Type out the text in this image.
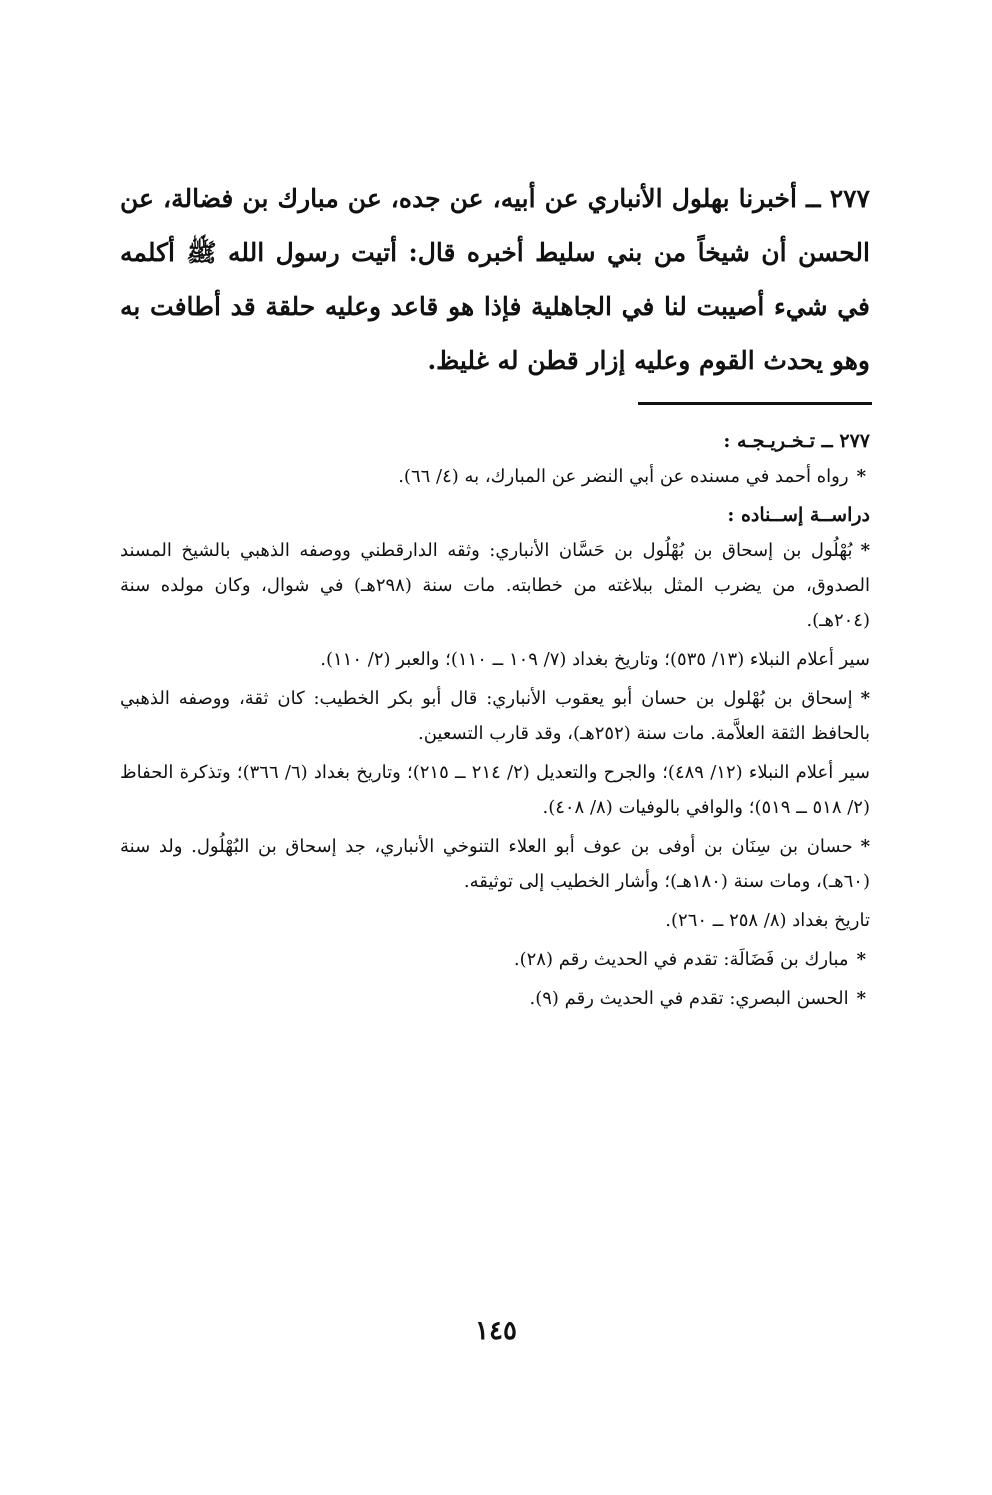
٢٧٧ ــ أخبرنا بهلول الأنباري عن أبيه، عن جده، عن مبارك بن فضالة، عن الحسن أن شيخاً من بني سليط أخبره قال: أتيت رسول الله ﷺ أكلمه في شيء أصيبت لنا في الجاهلية فإذا هو قاعد وعليه حلقة قد أطافت به وهو يحدث القوم وعليه إزار قطن له غليظ.

٢٧٧ ــ تـخـريـجـه :

*رواه أحمد في مسنده عن أبي النضر عن المبارك، به (٤/ ٦٦).

دراســة إســناده :

*بُهْلُول بن إسحاق بن بُهْلُول بن حَسَّان الأنباري: وثقه الدارقطني ووصفه الذهبي بالشيخ المسند الصدوق، من يضرب المثل ببلاغته من خطابته. مات سنة (٢٩٨هـ) في شوال، وكان مولده سنة (٢٠٤هـ).

سير أعلام النبلاء (١٣/ ٥٣٥)؛ وتاريخ بغداد (٧/ ١٠٩ ــ ١١٠)؛ والعبر (٢/ ١١٠).

*إسحاق بن بُهْلول بن حسان أبو يعقوب الأنباري: قال أبو بكر الخطيب: كان ثقة، ووصفه الذهبي بالحافظ الثقة العلاَّمة. مات سنة (٢٥٢هـ)، وقد قارب التسعين.

سير أعلام النبلاء (١٢/ ٤٨٩)؛ والجرح والتعديل (٢/ ٢١٤ ــ ٢١٥)؛ وتاريخ بغداد (٦/ ٣٦٦)؛ وتذكرة الحفاظ (٢/ ٥١٨ ــ ٥١٩)؛ والوافي بالوفيات (٨/ ٤٠٨).

*حسان بن سِنَان بن أوفى بن عوف أبو العلاء التنوخي الأنباري، جد إسحاق بن البُهْلُول. ولد سنة (٦٠هـ)، ومات سنة (١٨٠هـ)؛ وأشار الخطيب إلى توثيقه.

تاريخ بغداد (٨/ ٢٥٨ ــ ٢٦٠).

*مبارك بن فَضَالَة: تقدم في الحديث رقم (٢٨).

*الحسن البصري: تقدم في الحديث رقم (٩).

١٤٥
